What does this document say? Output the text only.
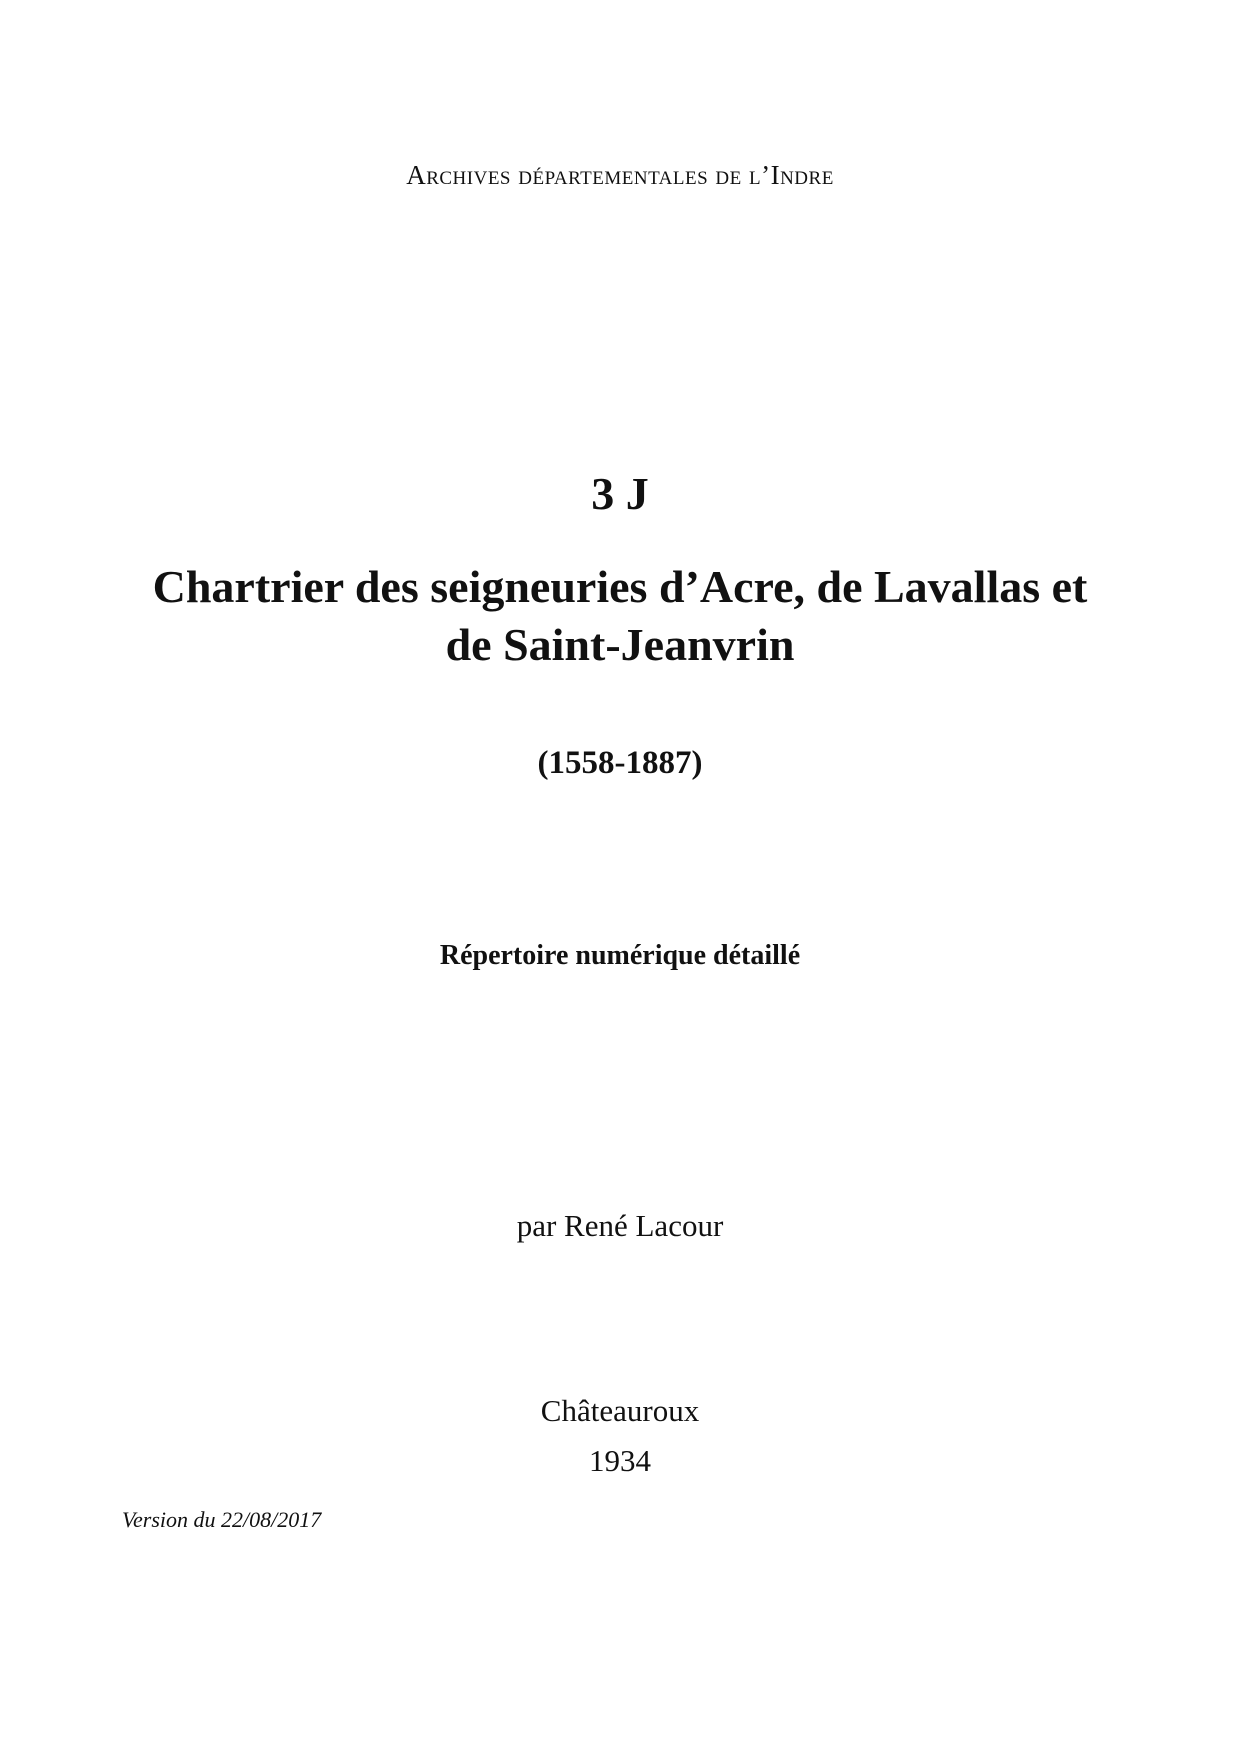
Archives départementales de l’Indre
3 J
Chartrier des seigneuries d’Acre, de Lavallas et
de Saint-Jeanvrin
(1558-1887)
Répertoire numérique détaillé
par René Lacour
Châteauroux
1934
Version du 22/08/2017
